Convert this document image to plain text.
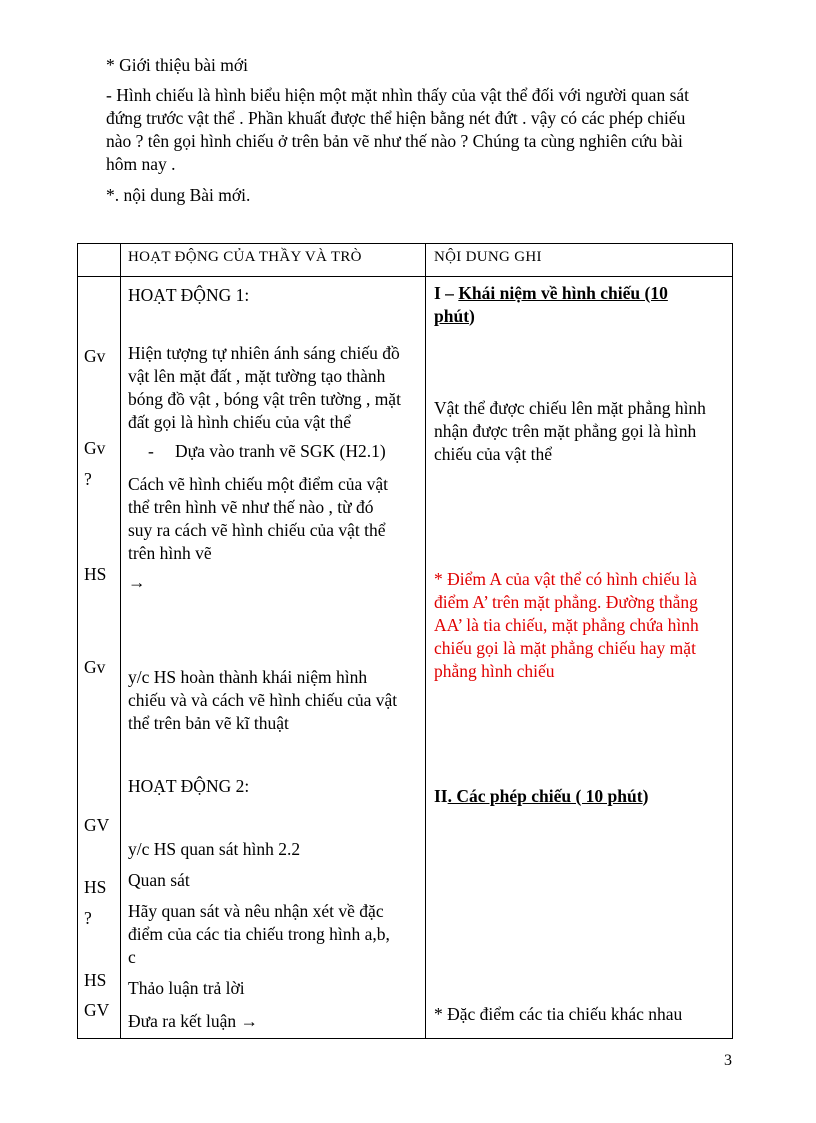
* Giới thiệu bài mới
- Hình chiếu là hình biểu hiện một mặt nhìn thấy của vật thể đối với người quan sát
đứng trước vật thể . Phần khuất được thể hiện bằng nét đứt . vậy có các phép chiếu
nào ? tên gọi hình chiếu ở trên bản vẽ như thế nào ? Chúng ta cùng nghiên cứu bài
hôm nay .
*. nội dung Bài mới.
HOẠT ĐỘNG CỦA THẦY VÀ TRÒ	NỘI DUNG GHI
Gv
Gv
?
HS
Gv
GV
HS
?
HS
GV
HOẠT ĐỘNG 1:
Hiện tượng tự nhiên ánh sáng chiếu đồ
vật lên mặt đất , mặt tường tạo thành
bóng đồ vật , bóng vật trên tường , mặt
đất gọi là hình chiếu của vật thể
- Dựa vào tranh vẽ SGK (H2.1)
Cách vẽ hình chiếu một điểm của vật
thể trên hình vẽ như thế nào , từ đó
suy ra cách vẽ hình chiếu của vật thể
trên hình vẽ
→
y/c HS hoàn thành khái niệm hình
chiếu và và cách vẽ hình chiếu của vật
thể trên bản vẽ kĩ thuật
HOẠT ĐỘNG 2:
y/c HS quan sát hình 2.2
Quan sát
Hãy quan sát và nêu nhận xét về đặc
điểm của các tia chiếu trong hình a,b,
c
Thảo luận trả lời
Đưa ra kết luận →
I – Khái niệm về hình chiếu (10
phút)
Vật thể được chiếu lên mặt phẳng hình
nhận được trên mặt phẳng gọi là hình
chiếu của vật thể
* Điểm A của vật thể có hình chiếu là
điểm A’ trên mặt phẳng. Đường thẳng
AA’ là tia chiếu, mặt phẳng chứa hình
chiếu gọi là mặt phẳng chiếu hay mặt
phẳng hình chiếu
II. Các phép chiếu ( 10 phút)
* Đặc điểm các tia chiếu khác nhau
3
